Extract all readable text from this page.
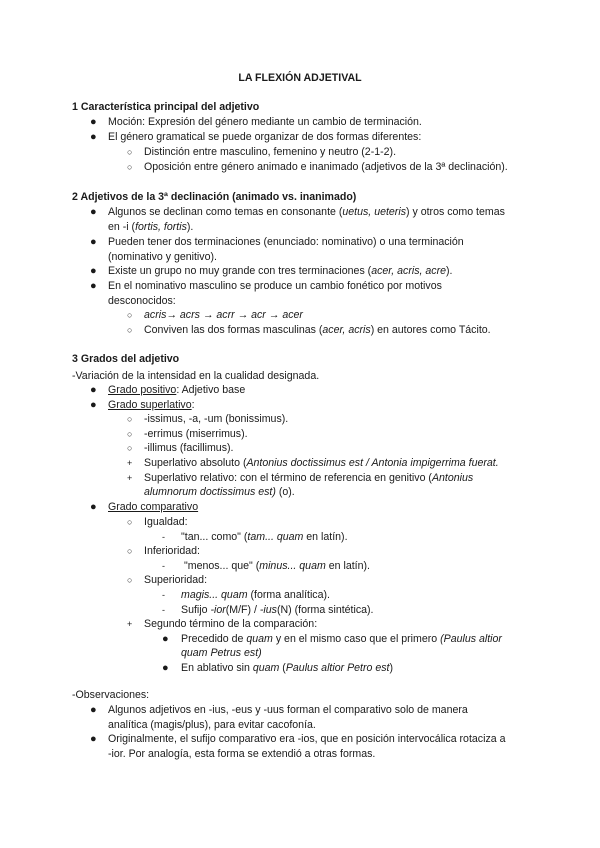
LA FLEXIÓN ADJETIVAL
1 Característica principal del adjetivo
● Moción: Expresión del género mediante un cambio de terminación.
● El género gramatical se puede organizar de dos formas diferentes:
○ Distinción entre masculino, femenino y neutro (2-1-2).
○ Oposición entre género animado e inanimado (adjetivos de la 3ª declinación).
2 Adjetivos de la 3ª declinación (animado vs. inanimado)
● Algunos se declinan como temas en consonante (uetus, ueteris) y otros como temas
en -i (fortis, fortis).
● Pueden tener dos terminaciones (enunciado: nominativo) o una terminación
(nominativo y genitivo).
● Existe un grupo no muy grande con tres terminaciones (acer, acris, acre).
● En el nominativo masculino se produce un cambio fonético por motivos
desconocidos:
○ acris→ acrs → acrr → acr → acer
○ Conviven las dos formas masculinas (acer, acris) en autores como Tácito.
3 Grados del adjetivo
-Variación de la intensidad en la cualidad designada.
● Grado positivo: Adjetivo base
● Grado superlativo:
○ -issimus, -a, -um (bonissimus).
○ -errimus (miserrimus).
○ -illimus (facillimus).
+ Superlativo absoluto (Antonius doctissimus est / Antonia impigerrima fuerat.
+ Superlativo relativo: con el término de referencia en genitivo (Antonius
alumnorum doctissimus est) (o).
● Grado comparativo
○ Igualdad:
- "tan... como" (tam... quam en latín).
○ Inferioridad:
- "menos... que" (minus... quam en latín).
○ Superioridad:
- magis... quam (forma analítica).
- Sufijo -ior(M/F) / -ius(N) (forma sintética).
+ Segundo término de la comparación:
● Precedido de quam y en el mismo caso que el primero (Paulus altior
quam Petrus est)
● En ablativo sin quam (Paulus altior Petro est)
-Observaciones:
● Algunos adjetivos en -ius, -eus y -uus forman el comparativo solo de manera
analítica (magis/plus), para evitar cacofonía.
● Originalmente, el sufijo comparativo era -ios, que en posición intervocálica rotaciza a
-ior. Por analogía, esta forma se extendió a otras formas.
